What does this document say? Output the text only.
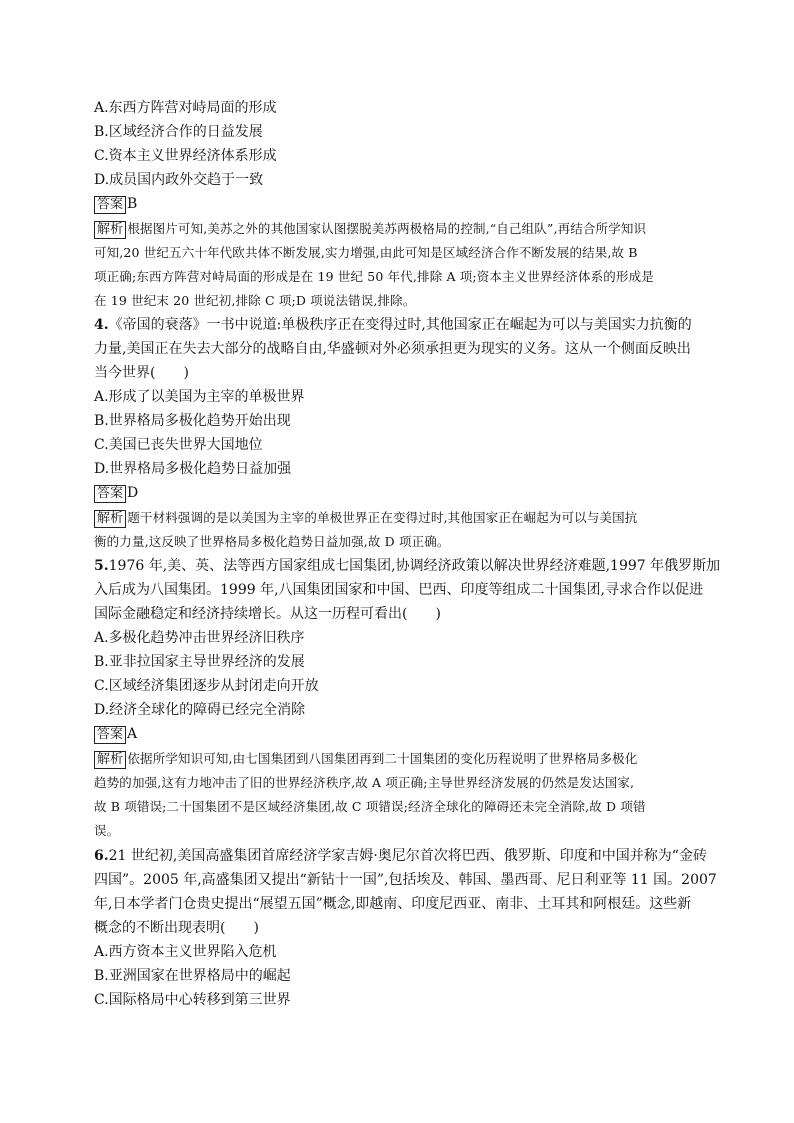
A.东西方阵营对峙局面的形成
B.区域经济合作的日益发展
C.资本主义世界经济体系形成
D.成员国内政外交趋于一致
答案 B
解析 根据图片可知,美苏之外的其他国家认图摆脱美苏两极格局的控制,“自己组队”,再结合所学知识
可知,20 世纪五六十年代欧共体不断发展,实力增强,由此可知是区域经济合作不断发展的结果,故 B
项正确;东西方阵营对峙局面的形成是在 19 世纪 50 年代,排除 A 项;资本主义世界经济体系的形成是
在 19 世纪末 20 世纪初,排除 C 项;D 项说法错误,排除。
4.《帝国的衰落》一书中说道:单极秩序正在变得过时,其他国家正在崛起为可以与美国实力抗衡的
力量,美国正在失去大部分的战略自由,华盛顿对外必须承担更为现实的义务。这从一个侧面反映出
当今世界(　　)
A.形成了以美国为主宰的单极世界
B.世界格局多极化趋势开始出现
C.美国已丧失世界大国地位
D.世界格局多极化趋势日益加强
答案 D
解析 题干材料强调的是以美国为主宰的单极世界正在变得过时,其他国家正在崛起为可以与美国抗
衡的力量,这反映了世界格局多极化趋势日益加强,故 D 项正确。
5.1976 年,美、英、法等西方国家组成七国集团,协调经济政策以解决世界经济难题,1997 年俄罗斯加
入后成为八国集团。1999 年,八国集团国家和中国、巴西、印度等组成二十国集团,寻求合作以促进
国际金融稳定和经济持续增长。从这一历程可看出(　　)
A.多极化趋势冲击世界经济旧秩序
B.亚非拉国家主导世界经济的发展
C.区域经济集团逐步从封闭走向开放
D.经济全球化的障碍已经完全消除
答案 A
解析 依据所学知识可知,由七国集团到八国集团再到二十国集团的变化历程说明了世界格局多极化
趋势的加强,这有力地冲击了旧的世界经济秩序,故 A 项正确;主导世界经济发展的仍然是发达国家,
故 B 项错误;二十国集团不是区域经济集团,故 C 项错误;经济全球化的障碍还未完全消除,故 D 项错
误。
6.21 世纪初,美国高盛集团首席经济学家吉姆·奥尼尔首次将巴西、俄罗斯、印度和中国并称为“金砖
四国”。2005 年,高盛集团又提出“新钻十一国”,包括埃及、韩国、墨西哥、尼日利亚等 11 国。2007
年,日本学者门仓贵史提出“展望五国”概念,即越南、印度尼西亚、南非、土耳其和阿根廷。这些新
概念的不断出现表明(　　)
A.西方资本主义世界陷入危机
B.亚洲国家在世界格局中的崛起
C.国际格局中心转移到第三世界
